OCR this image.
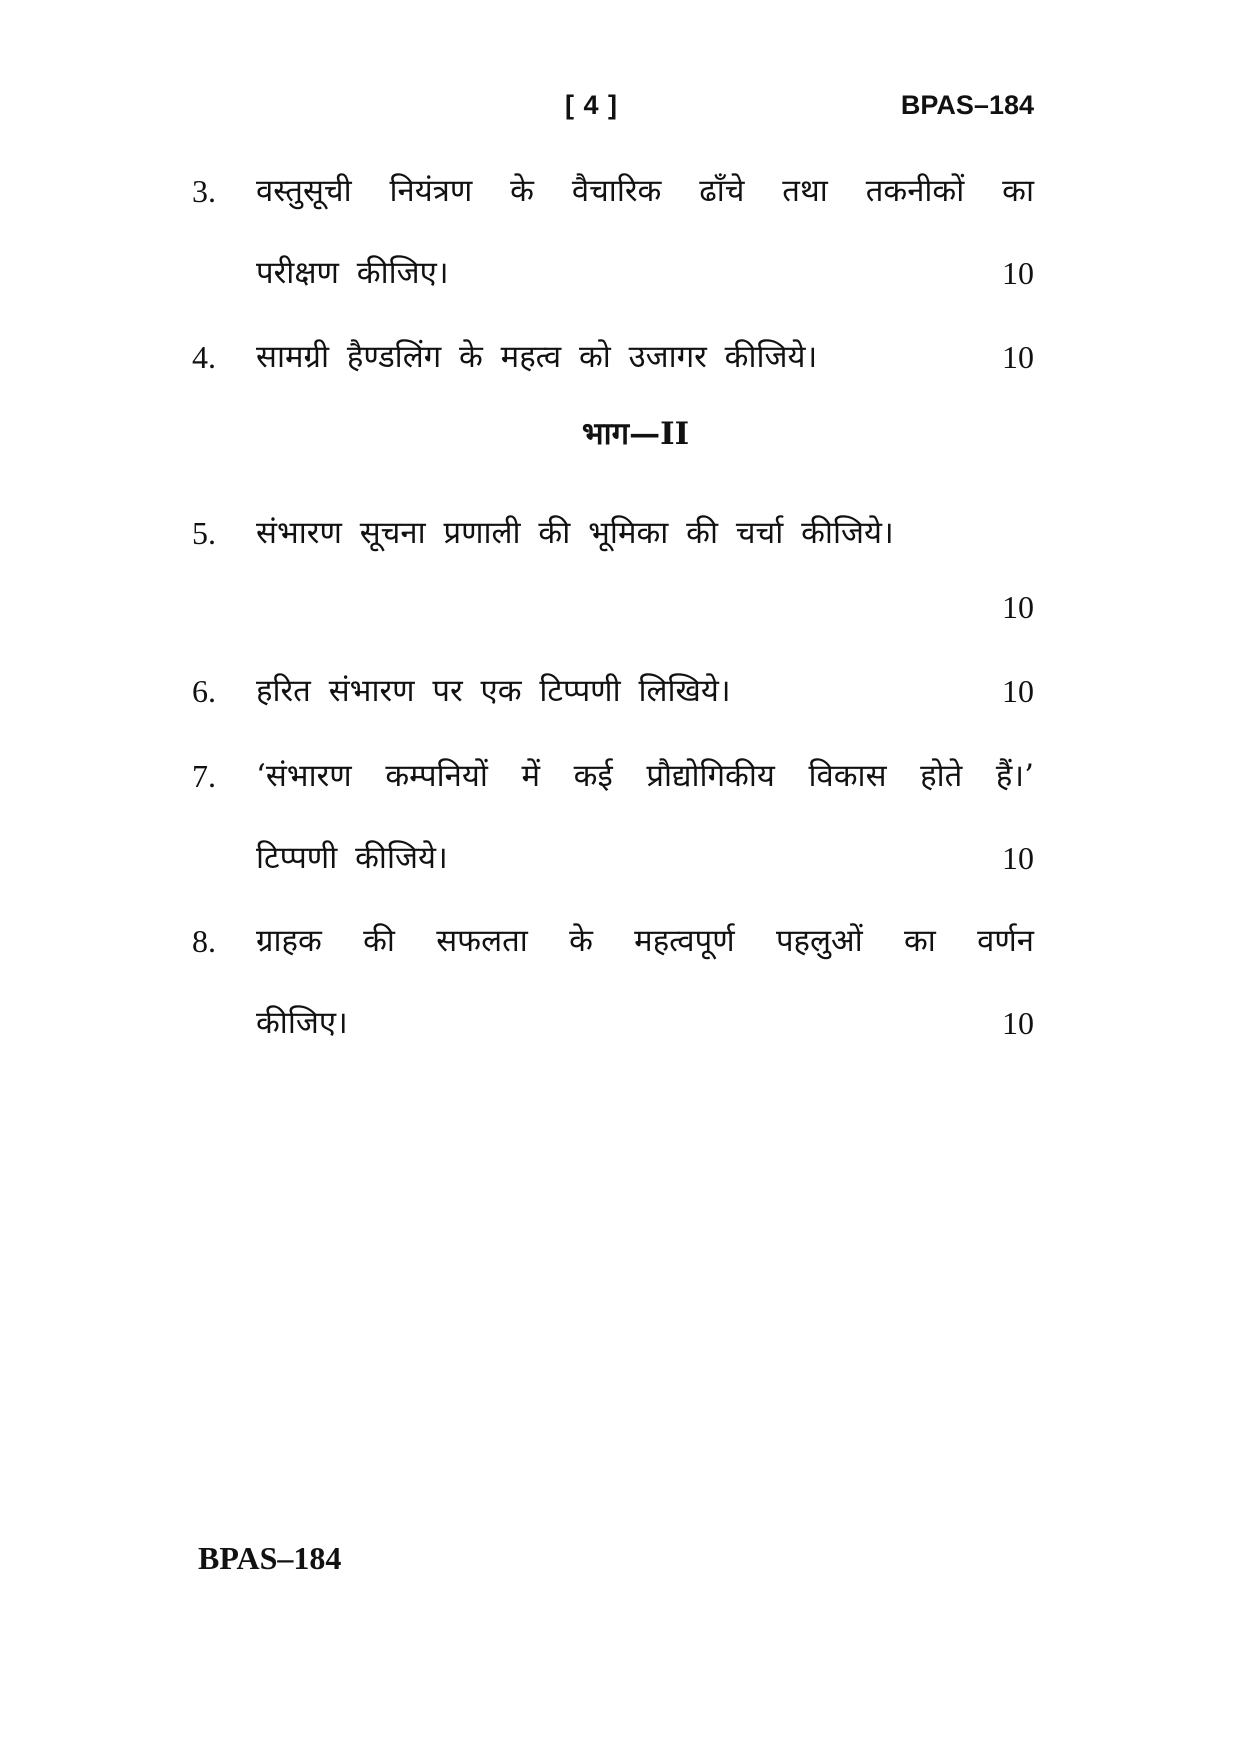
[ 4 ]	BPAS–184
3.	वस्तुसूची नियंत्रण के वैचारिक ढाँचे तथा तकनीकों का
परीक्षण कीजिए।	10
4. सामग्री हैण्डलिंग के महत्व को उजागर कीजिये।	10
भाग—II
5. संभारण सूचना प्रणाली की भूमिका की चर्चा कीजिये।
10
6. हरित संभारण पर एक टिप्पणी लिखिये।	10
7.	‘संभारण कम्पनियों में कई प्रौद्योगिकीय विकास होते हैं।’
टिप्पणी कीजिये।	10
8.	ग्राहक की सफलता के महत्वपूर्ण पहलुओं का वर्णन
कीजिए।	10
BPAS–184
